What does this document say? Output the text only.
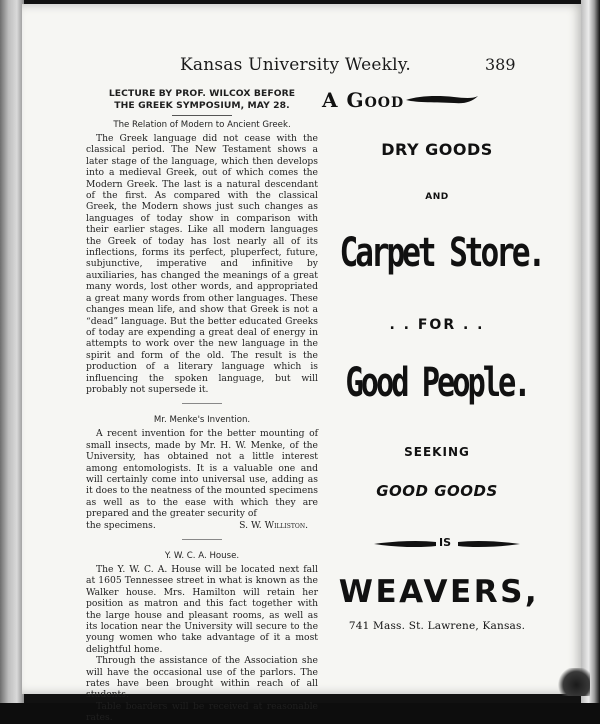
Kansas University Weekly.	389
LECTURE BY PROF. WILCOX BEFORE
THE GREEK SYMPOSIUM, MAY 28.
The Relation of Modern to Ancient Greek.

The Greek language did not cease with the classical period. The New Testament shows a later stage of the language, which then develops into a medieval Greek, out of which comes the Modern Greek. The last is a natural descendant of the first. As compared with the classical Greek, the Modern shows just such changes as languages of today show in comparison with their earlier stages. Like all modern languages the Greek of today has lost nearly all of its inflections, forms its perfect, pluperfect, future, subjunctive, imperative and infinitive by auxiliaries, has changed the meanings of a great many words, lost other words, and appropriated a great many words from other languages. These changes mean life, and show that Greek is not a “dead” language. But the better educated Greeks of today are expending a great deal of energy in attempts to work over the new language in the spirit and form of the old. The result is the production of a literary language which is influencing the spoken language, but will probably not supersede it.

Mr. Menke's Invention.

A recent invention for the better mounting of small insects, made by Mr. H. W. Menke, of the University, has obtained not a little interest among entomologists. It is a valuable one and will certainly come into universal use, adding as it does to the neatness of the mounted specimens as well as to the ease with which they are prepared and the greater security of

the specimens.	S. W. Williston.
Y. W. C. A. House.

The Y. W. C. A. House will be located next fall at 1605 Tennessee street in what is known as the Walker house. Mrs. Hamilton will retain her position as matron and this fact together with the large house and pleasant rooms, as well as its location near the University will secure to the young women who take advantage of it a most delightful home.

Through the assistance of the Association she will have the occasional use of the parlors. The rates have been brought within reach of all students.

Table boarders will be received at reasonable rates.

A GOOD
DRY GOODS
AND
Carpet Store.
. . FOR . .
Good People.
SEEKING
GOOD GOODS
IS
WEAVERS,
741 Mass. St. Lawrene, Kansas.
